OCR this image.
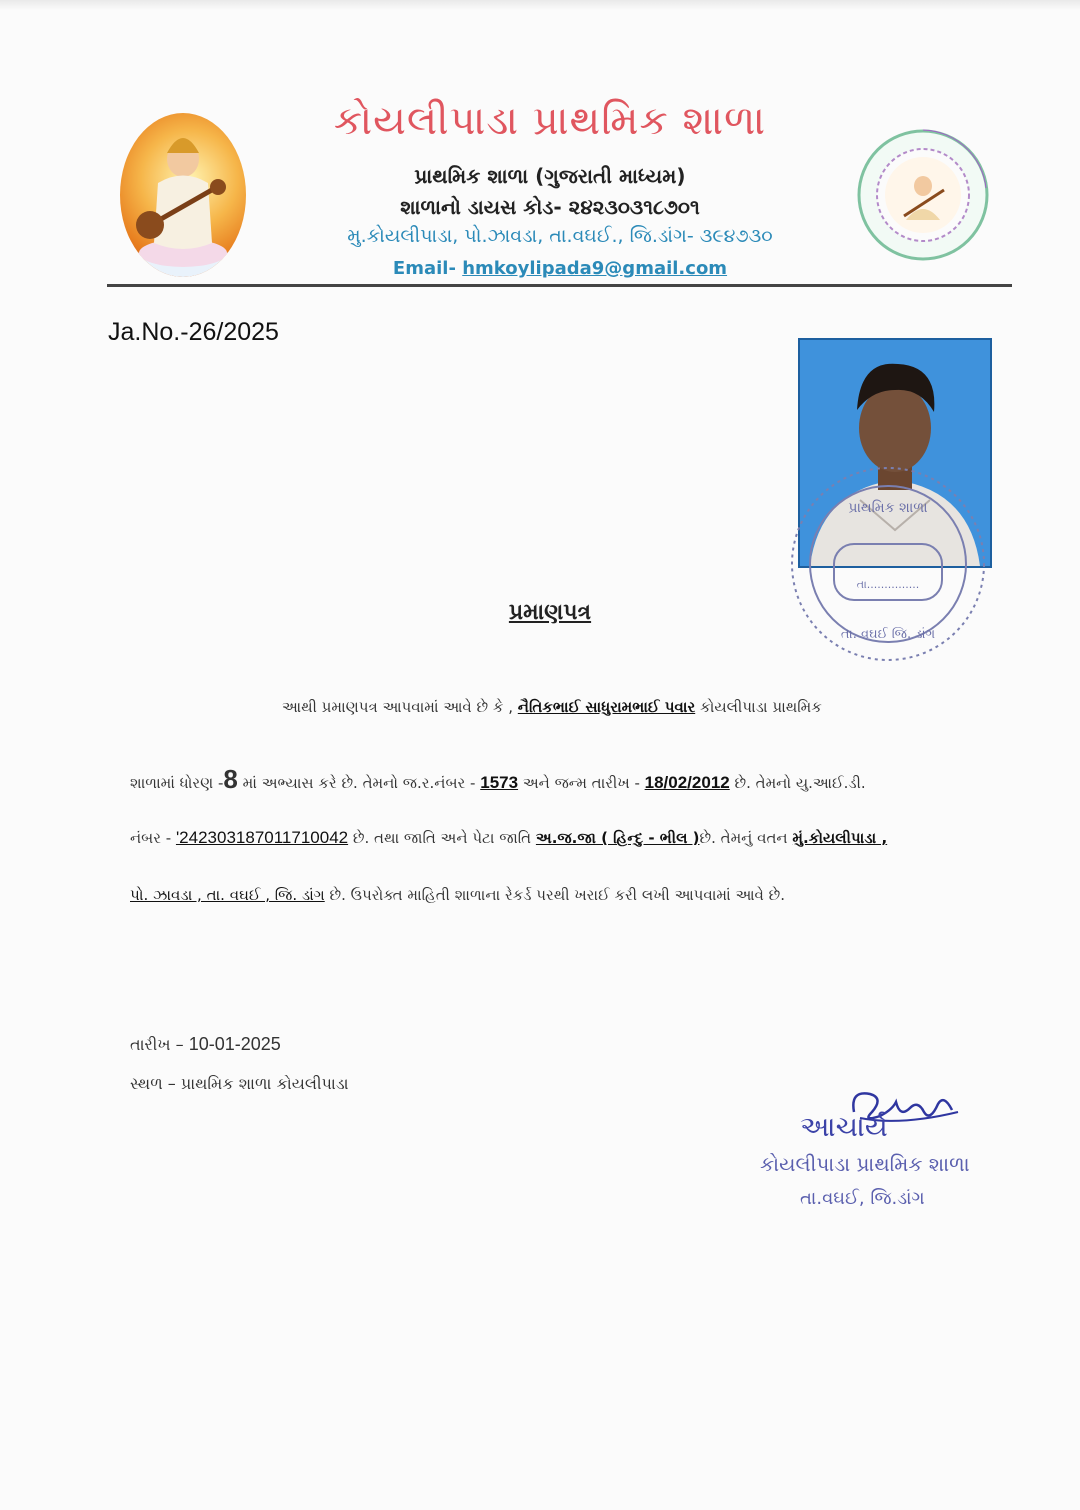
કોયલીપાડા પ્રાથમિક શાળા
પ્રાથમિક શાળા (ગુજરાતી માધ્યમ)
શાળાનો ડાયસ કોડ- ૨૪૨૩૦૩૧૮૭૦૧
મુ.કોયલીપાડા, પો.ઝાવડા, તા.વઘઈ., જિ.ડાંગ- ૩૯૪૭૩૦
Email- hmkoylipada9@gmail.com
Ja.No.-26/2025
પ્રાથમિક શાળા
તા...............
તા. વઘઈ જિ. ડાંગ
પ્રમાણપત્ર
આથી પ્રમાણપત્ર આપવામાં આવે છે કે , નૈતિકભાઈ સાધુરામભાઈ પવાર કોયલીપાડા પ્રાથમિક
શાળામાં ધોરણ -8 માં અભ્યાસ કરે છે. તેમનો જ.ર.નંબર - 1573 અને જન્મ તારીખ - 18/02/2012 છે. તેમનો યુ.આઈ.ડી.
નંબર - '242303187011710042 છે. તથા જાતિ અને પેટા જાતિ અ.જ.જા ( હિન્દુ - ભીલ )છે. તેમનું વતન મું.કોયલીપાડા ,
પો. ઝાવડા , તા. વઘઈ , જિ. ડાંગ છે. ઉપરોક્ત માહિતી શાળાના રેકર્ડ પરથી ખરાઈ કરી લખી આપવામાં આવે છે.
તારીખ – 10-01-2025
સ્થળ – પ્રાથમિક શાળા કોયલીપાડા
આચાર્ય
કોયલીપાડા પ્રાથમિક શાળા
તા.વઘઈ, જિ.ડાંગ
